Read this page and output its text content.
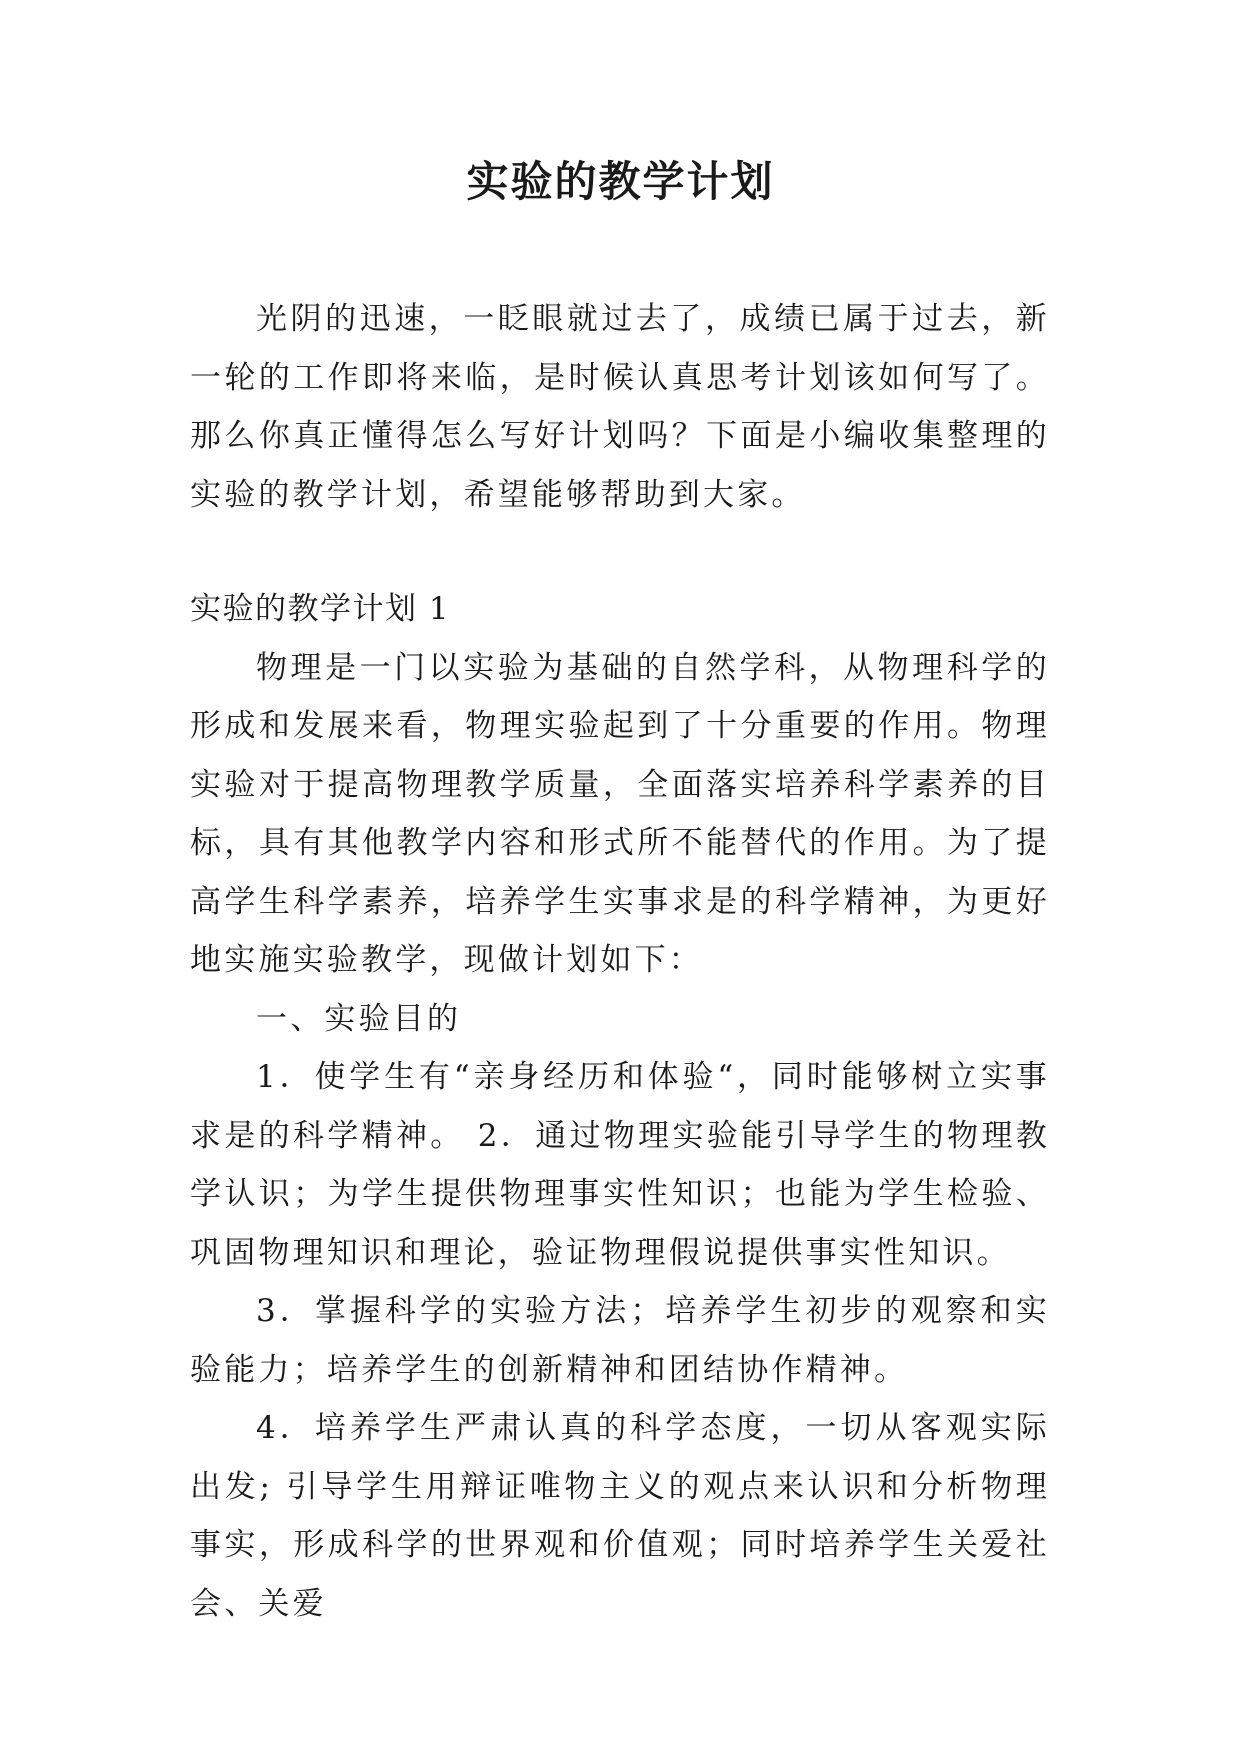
实验的教学计划

光阴的迅速，一眨眼就过去了，成绩已属于过去，新一轮的工作即将来临，是时候认真思考计划该如何写了。那么你真正懂得怎么写好计划吗？下面是小编收集整理的实验的教学计划，希望能够帮助到大家。

实验的教学计划 1

物理是一门以实验为基础的自然学科，从物理科学的形成和发展来看，物理实验起到了十分重要的作用。物理实验对于提高物理教学质量，全面落实培养科学素养的目标，具有其他教学内容和形式所不能替代的作用。为了提高学生科学素养，培养学生实事求是的科学精神，为更好地实施实验教学，现做计划如下：

一、实验目的

1．使学生有“亲身经历和体验“，同时能够树立实事求是的科学精神。 2．通过物理实验能引导学生的物理教学认识；为学生提供物理事实性知识；也能为学生检验、巩固物理知识和理论，验证物理假说提供事实性知识。

3．掌握科学的实验方法；培养学生初步的观察和实验能力；培养学生的创新精神和团结协作精神。

4．培养学生严肃认真的科学态度，一切从客观实际出发; 引导学生用辩证唯物主义的观点来认识和分析物理事实，形成科学的世界观和价值观；同时培养学生关爱社会、关爱
